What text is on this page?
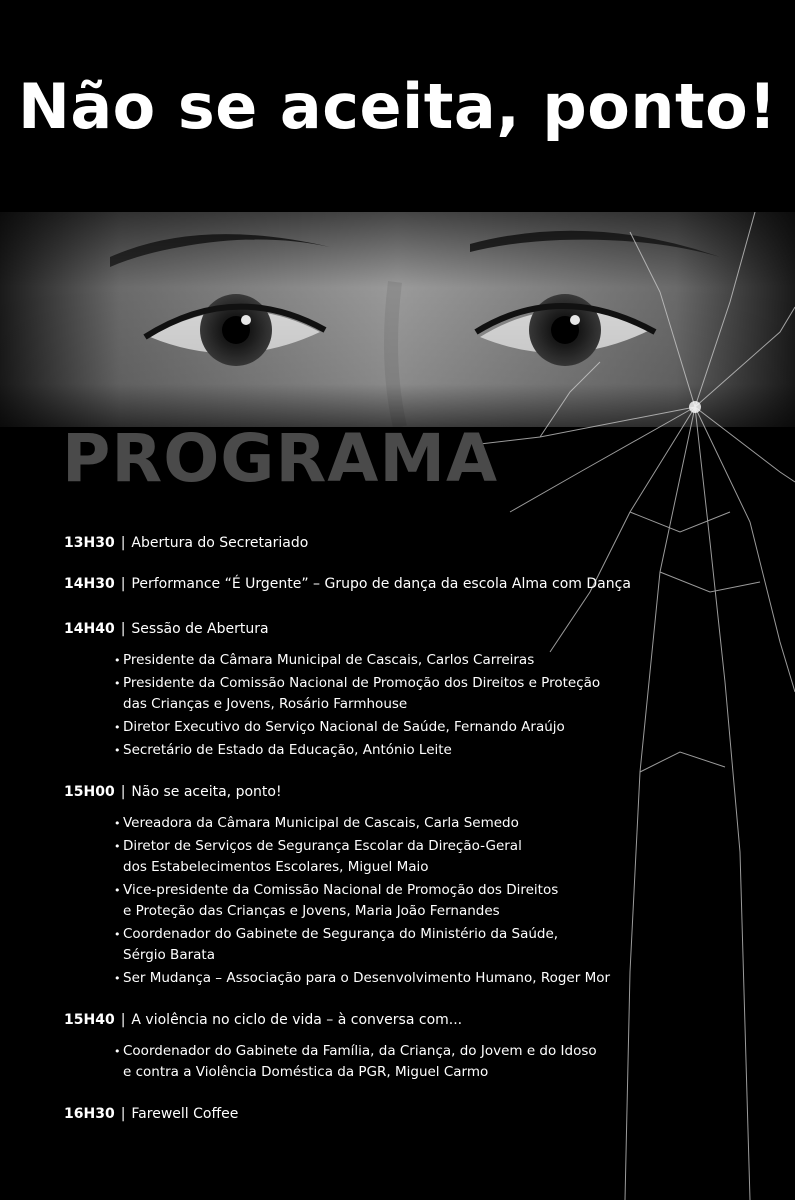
Não se aceita, ponto!
PROGRAMA
13H30 | Abertura do Secretariado
14H30 | Performance “É Urgente” – Grupo de dança da escola Alma com Dança
14H40 | Sessão de Abertura
• Presidente da Câmara Municipal de Cascais, Carlos Carreiras
• Presidente da Comissão Nacional de Promoção dos Direitos e Proteção
das Crianças e Jovens, Rosário Farmhouse
• Diretor Executivo do Serviço Nacional de Saúde, Fernando Araújo
• Secretário de Estado da Educação, António Leite
15H00 | Não se aceita, ponto!
• Vereadora da Câmara Municipal de Cascais, Carla Semedo
• Diretor de Serviços de Segurança Escolar da Direção-Geral
dos Estabelecimentos Escolares, Miguel Maio
• Vice-presidente da Comissão Nacional de Promoção dos Direitos
e Proteção das Crianças e Jovens, Maria João Fernandes
• Coordenador do Gabinete de Segurança do Ministério da Saúde,
Sérgio Barata
• Ser Mudança – Associação para o Desenvolvimento Humano, Roger Mor
15H40 | A violência no ciclo de vida – à conversa com...
• Coordenador do Gabinete da Família, da Criança, do Jovem e do Idoso
e contra a Violência Doméstica da PGR, Miguel Carmo
16H30 | Farewell Coffee
